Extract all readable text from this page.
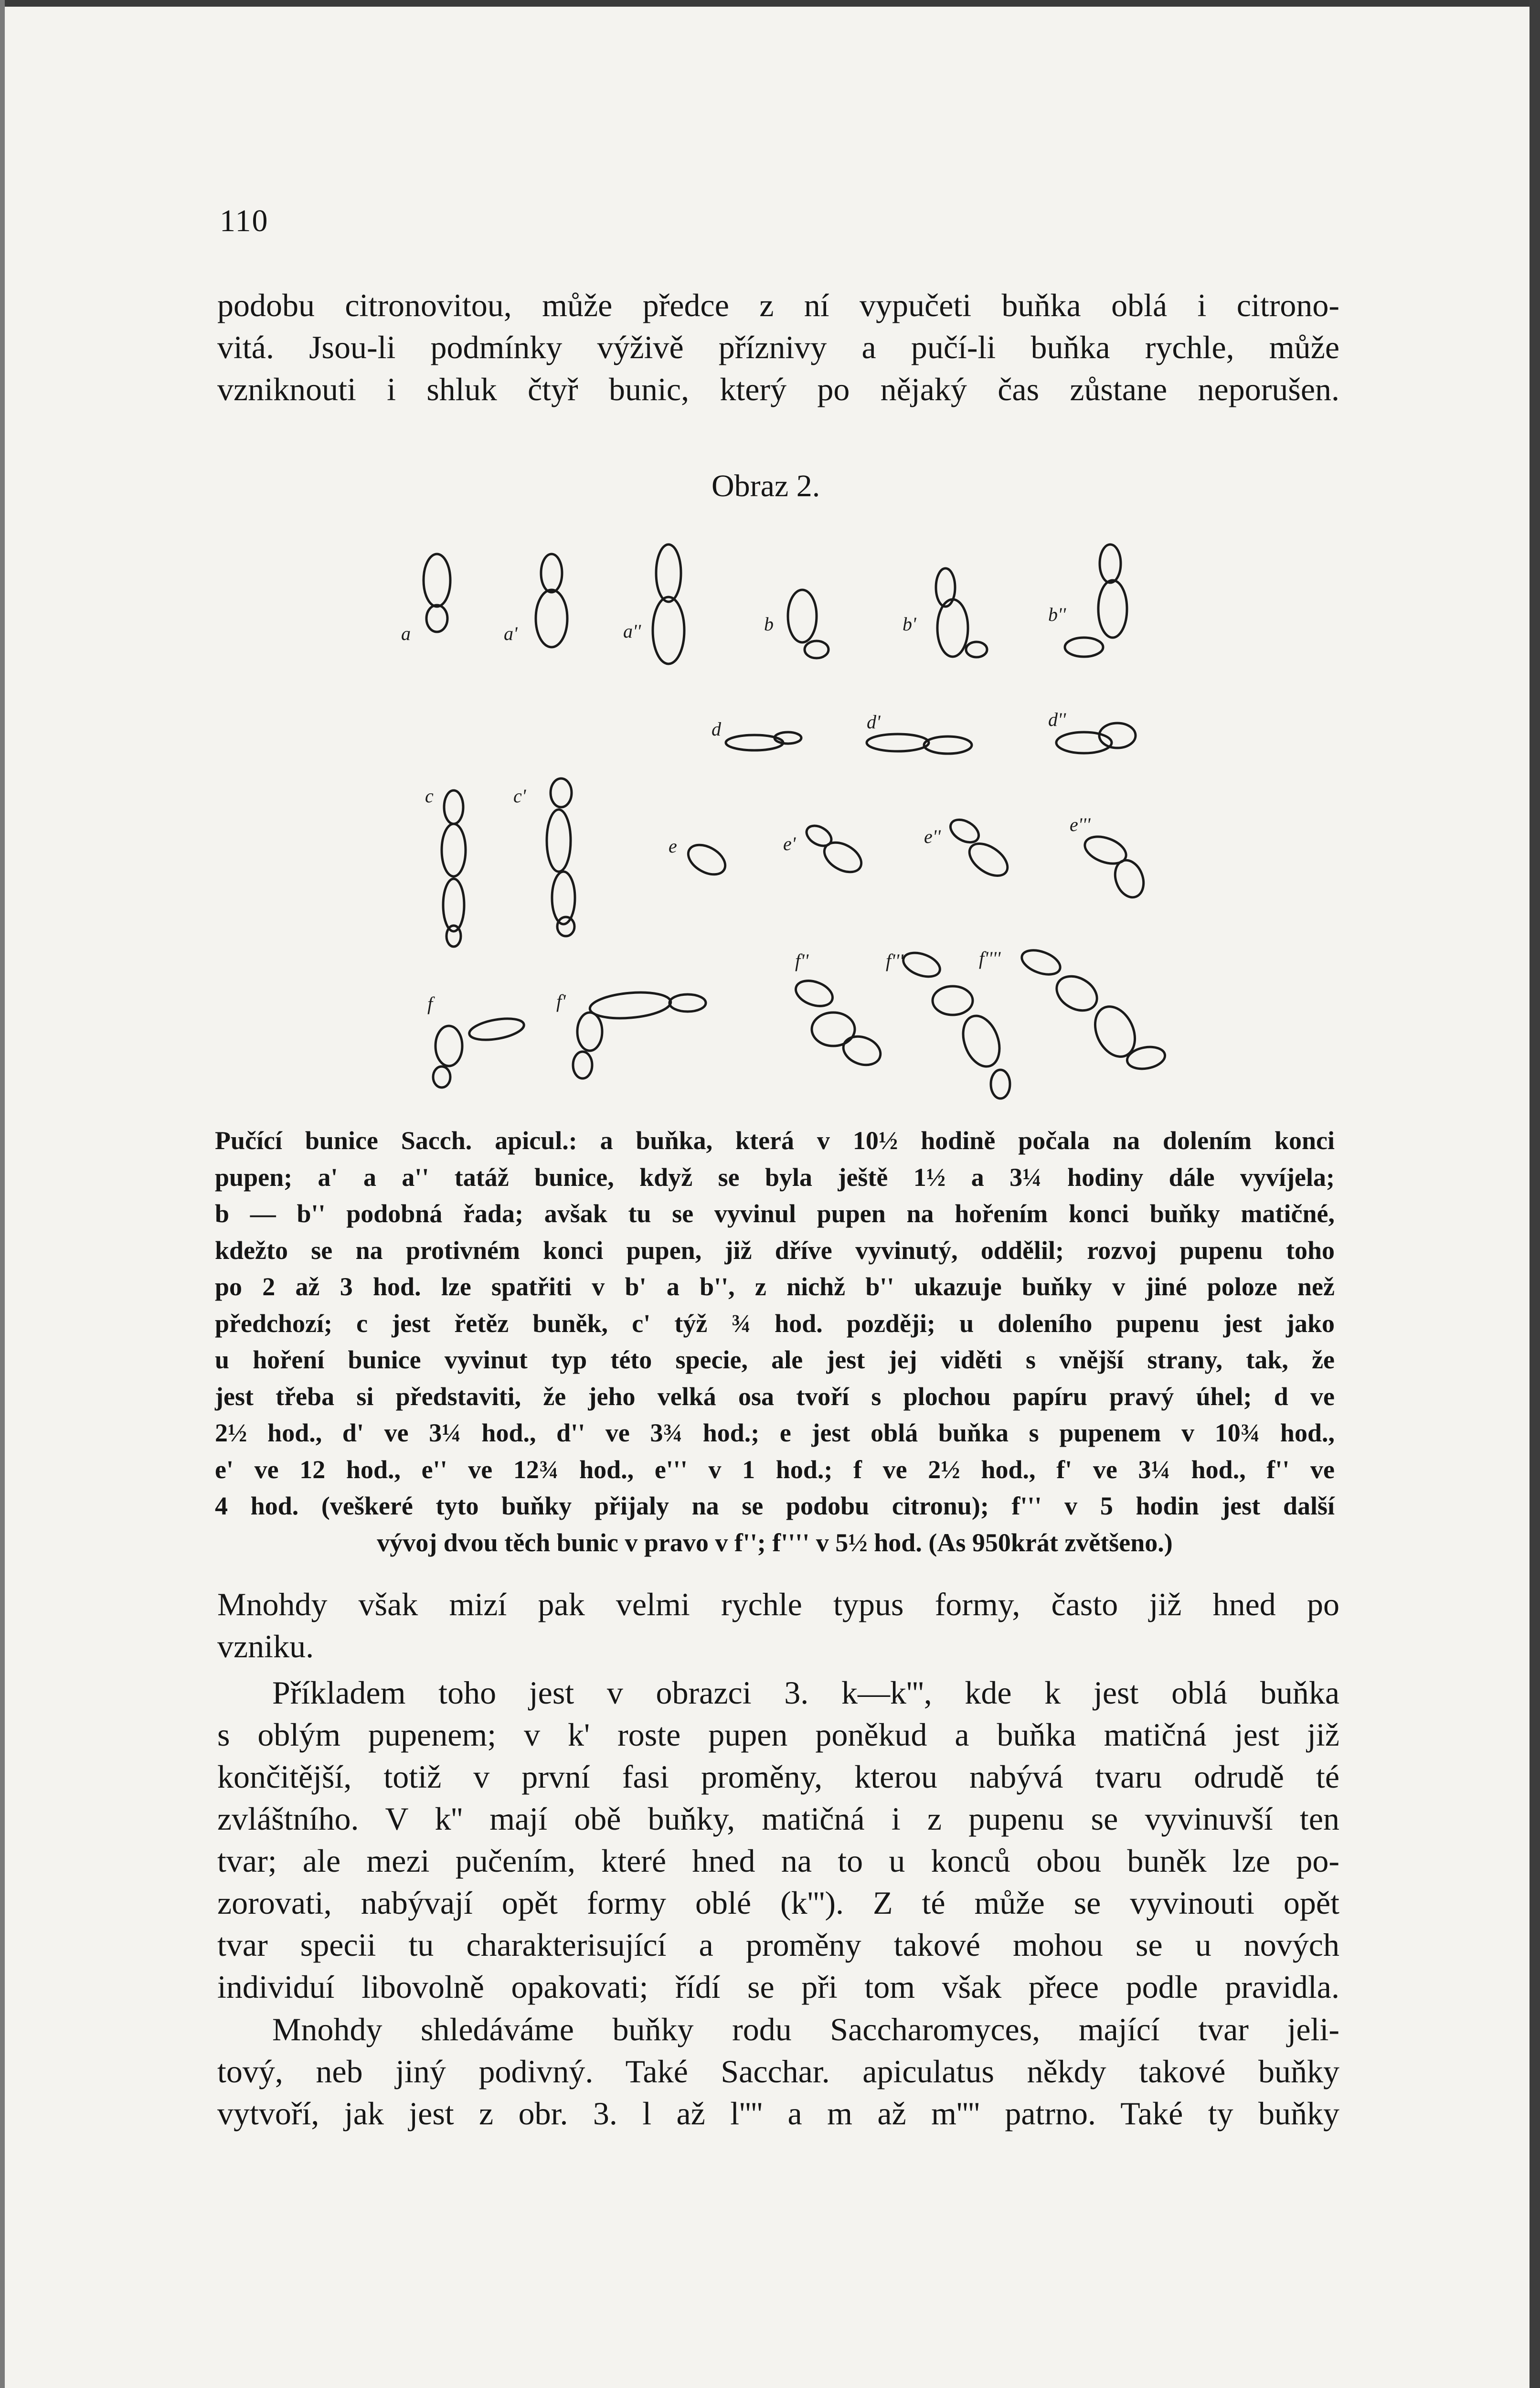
110

podobu citronovitou, může předce z ní vypučeti buňka oblá i citrono-
vitá. Jsou-li podmínky výživě příznivy a pučí-li buňka rychle, může
vzniknouti i shluk čtyř bunic, který po nějaký čas zůstane neporušen.

Obraz 2.
a	a'	a''	b	b'	b''
d	d'	d''
c	c'
e	e'	e''
e'''
f	f'
f''	f'''	f''''

Pučící bunice Sacch. apicul.: a buňka, která v 10½ hodině počala na dolením konci
pupen; a' a a'' tatáž bunice, když se byla ještě 1½ a 3¼ hodiny dále vyvíjela;
b — b'' podobná řada; avšak tu se vyvinul pupen na hořením konci buňky matičné,
kdežto se na protivném konci pupen, již dříve vyvinutý, oddělil; rozvoj pupenu toho
po 2 až 3 hod. lze spatřiti v b' a b'', z nichž b'' ukazuje buňky v jiné poloze než
předchozí; c jest řetěz buněk, c' týž ¾ hod. později; u doleního pupenu jest jako
u hoření bunice vyvinut typ této specie, ale jest jej viděti s vnější strany, tak, že
jest třeba si představiti, že jeho velká osa tvoří s plochou papíru pravý úhel; d ve
2½ hod., d' ve 3¼ hod., d'' ve 3¾ hod.; e jest oblá buňka s pupenem v 10¾ hod.,
e' ve 12 hod., e'' ve 12¾ hod., e''' v 1 hod.; f ve 2½ hod., f' ve 3¼ hod., f'' ve
4 hod. (veškeré tyto buňky přijaly na se podobu citronu); f''' v 5 hodin jest další
vývoj dvou těch bunic v pravo v f''; f'''' v 5½ hod. (As 950krát zvětšeno.)

Mnohdy však mizí pak velmi rychle typus formy, často již hned po
vzniku.

Příkladem toho jest v obrazci 3. k—k''', kde k jest oblá buňka
s oblým pupenem; v k' roste pupen poněkud a buňka matičná jest již
končitější, totiž v první fasi proměny, kterou nabývá tvaru odrudě té
zvláštního. V k'' mají obě buňky, matičná i z pupenu se vyvinuvší ten
tvar; ale mezi pučením, které hned na to u konců obou buněk lze po-
zorovati, nabývají opět formy oblé (k'''). Z té může se vyvinouti opět
tvar specii tu charakterisující a proměny takové mohou se u nových
individuí libovolně opakovati; řídí se při tom však přece podle pravidla.

Mnohdy shledáváme buňky rodu Saccharomyces, mající tvar jeli-
tový, neb jiný podivný. Také Sacchar. apiculatus někdy takové buňky
vytvoří, jak jest z obr. 3. l až l'''' a m až m'''' patrno. Také ty buňky
